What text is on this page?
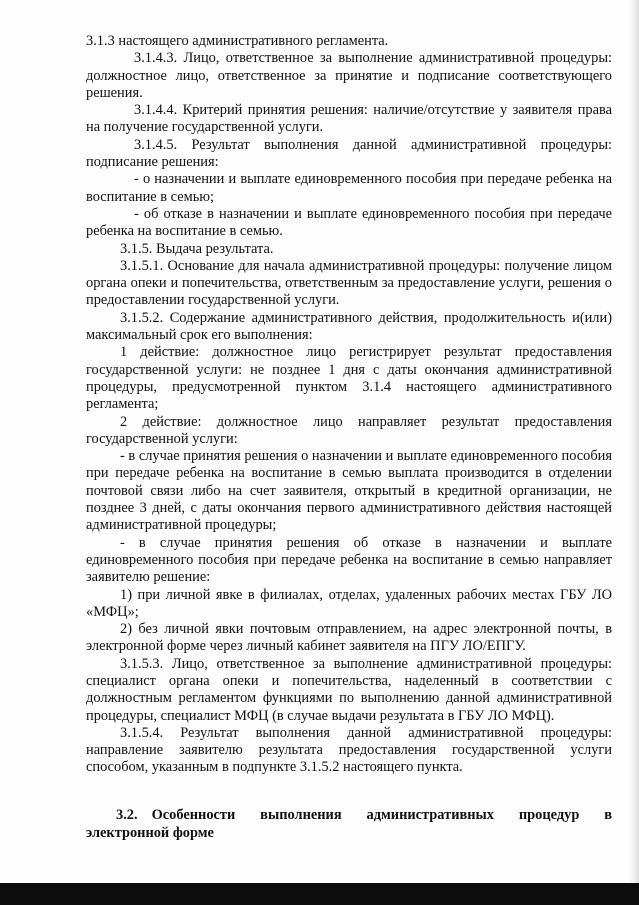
3.1.3 настоящего административного регламента.

3.1.4.3. Лицо, ответственное за выполнение административной процедуры: должностное лицо, ответственное за принятие и подписание соответствующего решения.

3.1.4.4. Критерий принятия решения: наличие/отсутствие у заявителя права на получение государственной услуги.

3.1.4.5. Результат выполнения данной административной процедуры: подписание решения:

- о назначении и выплате единовременного пособия при передаче ребенка на воспитание в семью;

- об отказе в назначении и выплате единовременного пособия при передаче ребенка на воспитание в семью.

3.1.5. Выдача результата.

3.1.5.1. Основание для начала административной процедуры: получение лицом органа опеки и попечительства, ответственным за предоставление услуги, решения о предоставлении государственной услуги.

3.1.5.2. Содержание административного действия, продолжительность и(или) максимальный срок его выполнения:

1 действие: должностное лицо регистрирует результат предоставления государственной услуги: не позднее 1 дня с даты окончания административной процедуры, предусмотренной пунктом 3.1.4 настоящего административного регламента;

2 действие: должностное лицо направляет результат предоставления государственной услуги:

- в случае принятия решения о назначении и выплате единовременного пособия при передаче ребенка на воспитание в семью выплата производится в отделении почтовой связи либо на счет заявителя, открытый в кредитной организации, не позднее 3 дней, с даты окончания первого административного действия настоящей административной процедуры;

- в случае принятия решения об отказе в назначении и выплате единовременного пособия при передаче ребенка на воспитание в семью направляет заявителю решение:

1) при личной явке в филиалах, отделах, удаленных рабочих местах ГБУ ЛО «МФЦ»;

2) без личной явки почтовым отправлением, на адрес электронной почты, в электронной форме через личный кабинет заявителя на ПГУ ЛО/ЕПГУ.

3.1.5.3. Лицо, ответственное за выполнение административной процедуры: специалист органа опеки и попечительства, наделенный в соответствии с должностным регламентом функциями по выполнению данной административной процедуры, специалист МФЦ (в случае выдачи результата в ГБУ ЛО МФЦ).

3.1.5.4. Результат выполнения данной административной процедуры: направление заявителю результата предоставления государственной услуги способом, указанным в подпункте 3.1.5.2 настоящего пункта.

3.2. Особенности выполнения административных процедур в электронной форме
